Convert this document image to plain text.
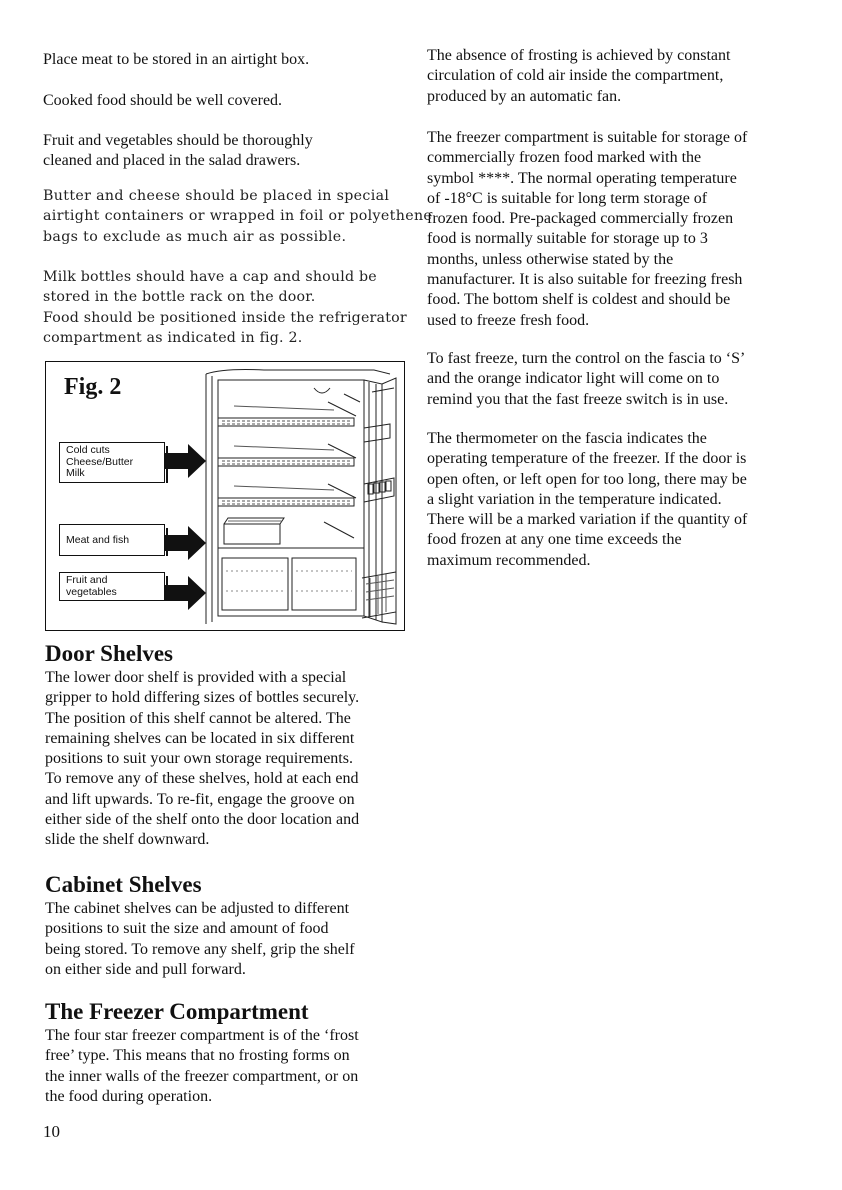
Place meat to be stored in an airtight box.

Cooked food should be well covered.

Fruit and vegetables should be thoroughly
cleaned and placed in the salad drawers.

Butter and cheese should be placed in special
airtight containers or wrapped in foil or polyethene
bags to exclude as much air as possible.

Milk bottles should have a cap and should be
stored in the bottle rack on the door.
Food should be positioned inside the refrigerator
compartment as indicated in fig. 2.

Fig. 2
Cold cuts
Cheese/Butter
Milk
Meat and fish
Fruit and
vegetables
Door Shelves

The lower door shelf is provided with a special
gripper to hold differing sizes of bottles securely.
The position of this shelf cannot be altered. The
remaining shelves can be located in six different
positions to suit your own storage requirements.
To remove any of these shelves, hold at each end
and lift upwards. To re-fit, engage the groove on
either side of the shelf onto the door location and
slide the shelf downward.

Cabinet Shelves

The cabinet shelves can be adjusted to different
positions to suit the size and amount of food
being stored. To remove any shelf, grip the shelf
on either side and pull forward.

The Freezer Compartment

The four star freezer compartment is of the ‘frost
free’ type. This means that no frosting forms on
the inner walls of the freezer compartment, or on
the food during operation.

The absence of frosting is achieved by constant
circulation of cold air inside the compartment,
produced by an automatic fan.

The freezer compartment is suitable for storage of
commercially frozen food marked with the
symbol ****. The normal operating temperature
of -18°C is suitable for long term storage of
frozen food. Pre-packaged commercially frozen
food is normally suitable for storage up to 3
months, unless otherwise stated by the
manufacturer. It is also suitable for freezing fresh
food. The bottom shelf is coldest and should be
used to freeze fresh food.

To fast freeze, turn the control on the fascia to ‘S’
and the orange indicator light will come on to
remind you that the fast freeze switch is in use.

The thermometer on the fascia indicates the
operating temperature of the freezer. If the door is
open often, or left open for too long, there may be
a slight variation in the temperature indicated.
There will be a marked variation if the quantity of
food frozen at any one time exceeds the
maximum recommended.

10
